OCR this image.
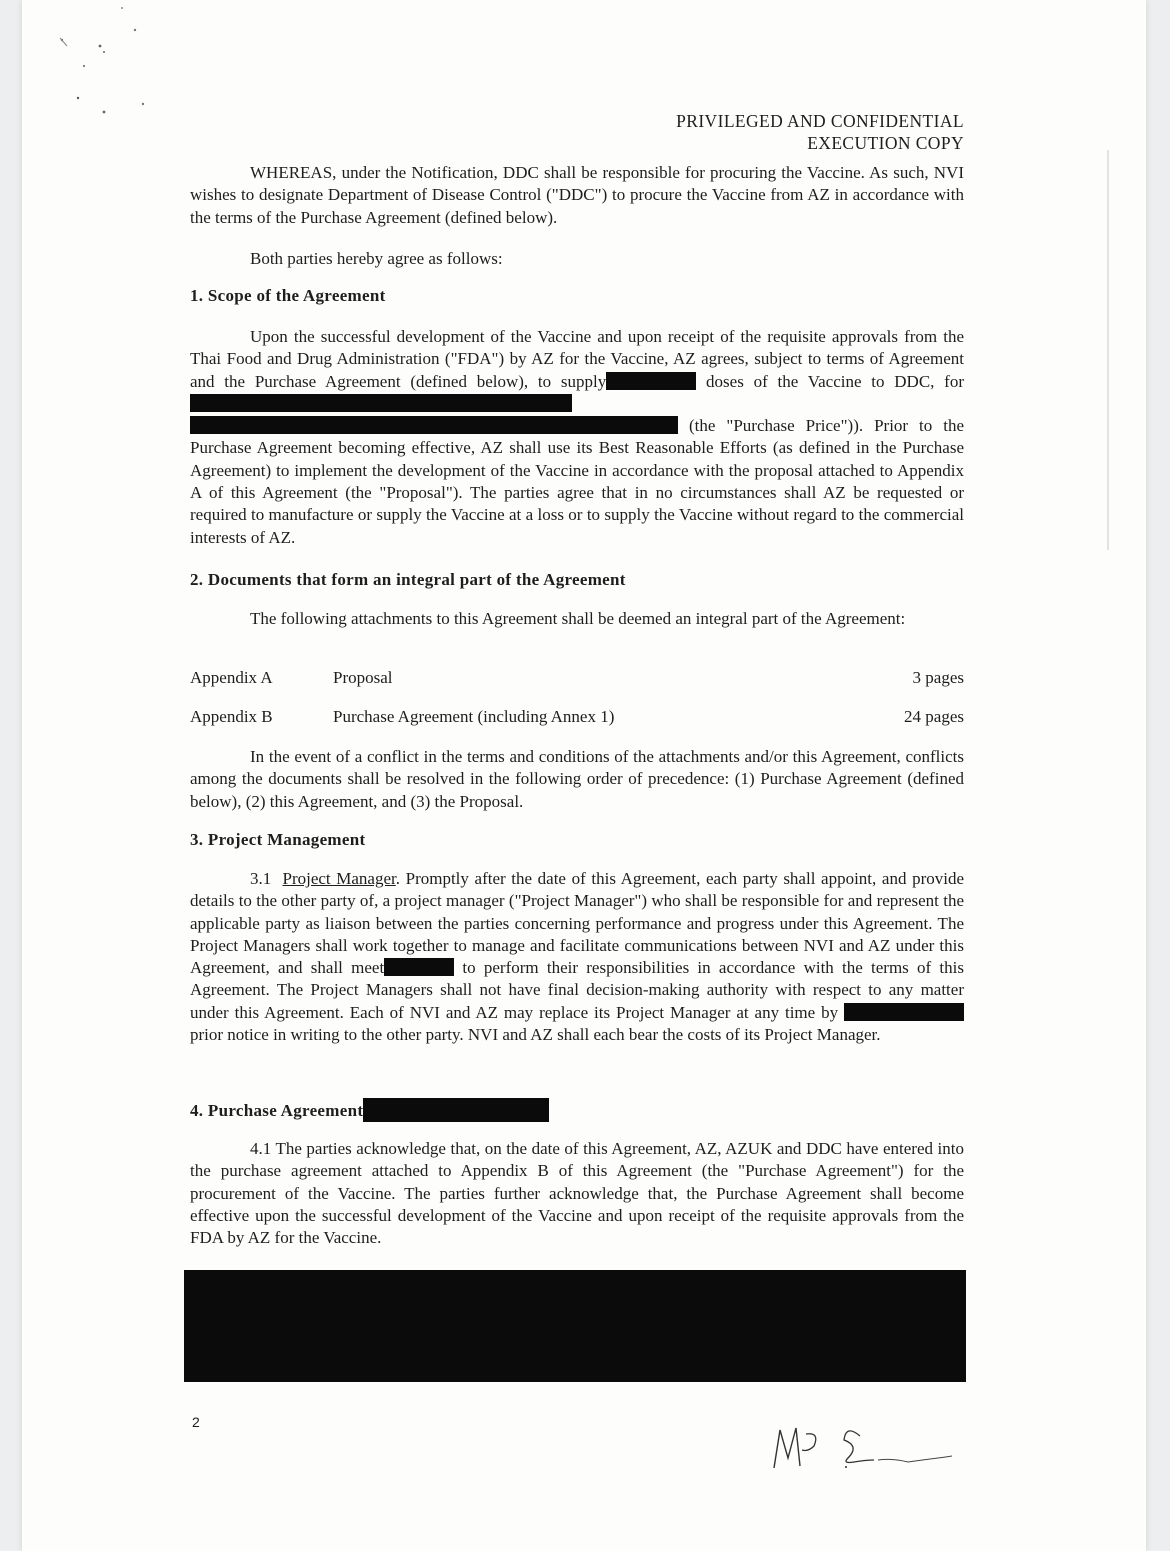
PRIVILEGED AND CONFIDENTIAL
EXECUTION COPY

WHEREAS, under the Notification, DDC shall be responsible for procuring the Vaccine. As such, NVI wishes to designate Department of Disease Control ("DDC") to procure the Vaccine from AZ in accordance with the terms of the Purchase Agreement (defined below).

Both parties hereby agree as follows:

1. Scope of the Agreement

Upon the successful development of the Vaccine and upon receipt of the requisite approvals from the Thai Food and Drug Administration ("FDA") by AZ for the Vaccine, AZ agrees, subject to terms of Agreement and the Purchase Agreement (defined below), to supply	doses of the Vaccine to DDC, for  (the "Purchase Price")). Prior to the Purchase Agreement becoming effective, AZ shall use its Best Reasonable Efforts (as defined in the Purchase Agreement) to implement the development of the Vaccine in accordance with the proposal attached to Appendix A of this Agreement (the "Proposal"). The parties agree that in no circumstances shall AZ be requested or required to manufacture or supply the Vaccine at a loss or to supply the Vaccine without regard to the commercial interests of AZ.

2. Documents that form an integral part of the Agreement

The following attachments to this Agreement shall be deemed an integral part of the Agreement:

Appendix A	Proposal	3 pages
Appendix B	Purchase Agreement (including Annex 1)	24 pages

In the event of a conflict in the terms and conditions of the attachments and/or this Agreement, conflicts among the documents shall be resolved in the following order of precedence: (1) Purchase Agreement (defined below), (2) this Agreement, and (3) the Proposal.

3. Project Management

3.1 Project Manager. Promptly after the date of this Agreement, each party shall appoint, and provide details to the other party of, a project manager ("Project Manager") who shall be responsible for and represent the applicable party as liaison between the parties concerning performance and progress under this Agreement. The Project Managers shall work together to manage and facilitate communications between NVI and AZ under this Agreement, and shall meet	to perform their responsibilities in accordance with the terms of this Agreement. The Project Managers shall not have final decision-making authority with respect to any matter under this Agreement. Each of NVI and AZ may replace its Project Manager at any time by  prior notice in writing to the other party. NVI and AZ shall each bear the costs of its Project Manager.

4. Purchase Agreement

4.1 The parties acknowledge that, on the date of this Agreement, AZ, AZUK and DDC have entered into the purchase agreement attached to Appendix B of this Agreement (the "Purchase Agreement") for the procurement of the Vaccine. The parties further acknowledge that, the Purchase Agreement shall become effective upon the successful development of the Vaccine and upon receipt of the requisite approvals from the FDA by AZ for the Vaccine.

2
